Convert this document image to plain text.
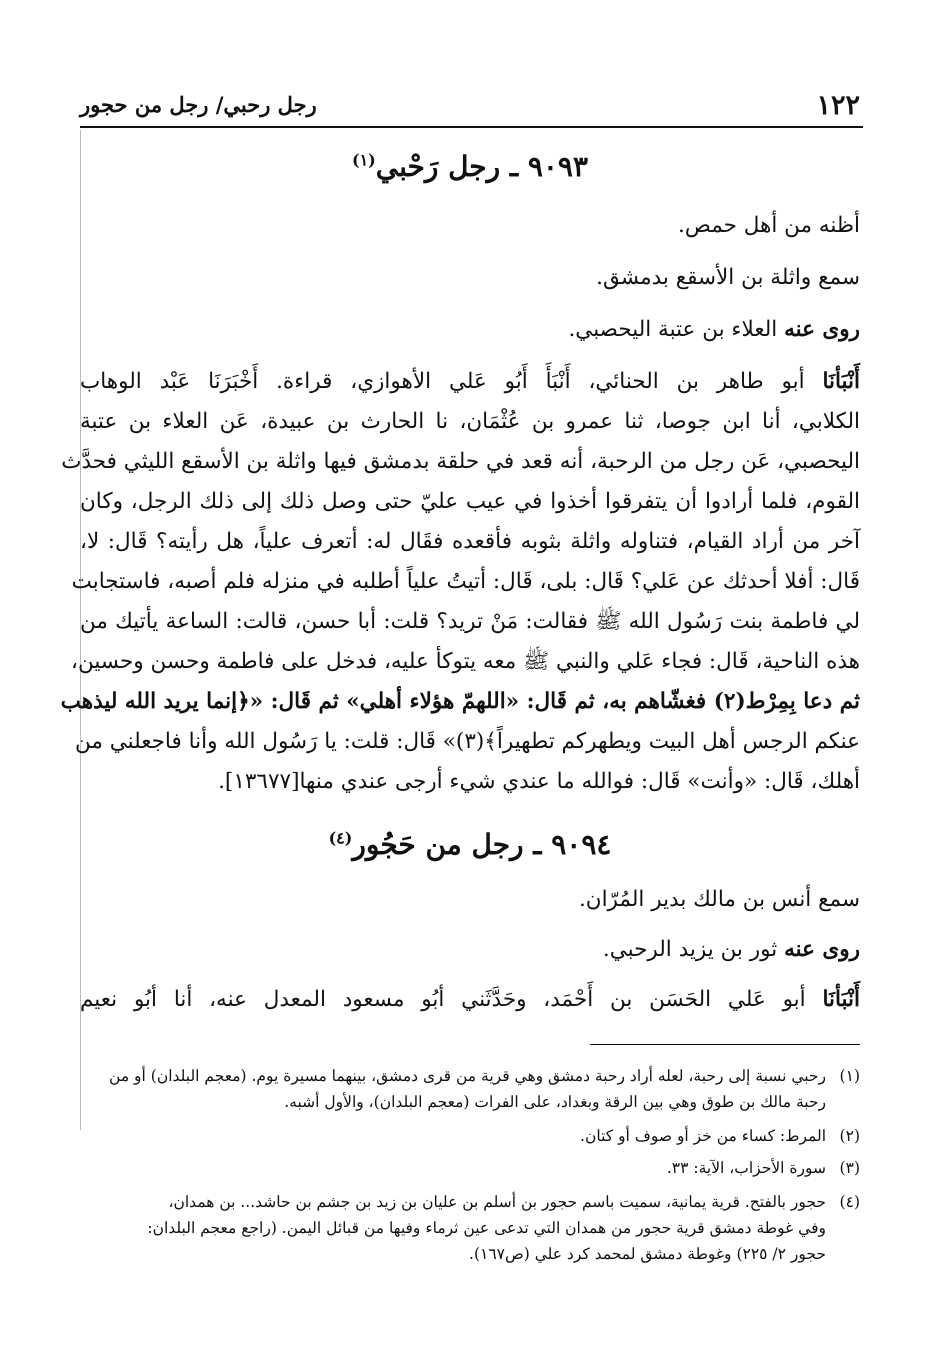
١٢٢
رجل رحبي/ رجل من حجور
٩٠٩٣ ـ رجل رَحْبي$^{(١)}$
أظنه من أهل حمص.
سمع واثلة بن الأسقع بدمشق.
روى عنه العلاء بن عتبة اليحصبي.
أَنْبَأنَا أبو طاهر بن الحنائي، أَنْبَأَ أَبُو عَلي الأهوازي، قراءة. أَخْبَرَنَا عَبْد الوهاب
الكلابي، أنا ابن جوصا، ثنا عمرو بن عُثْمَان، نا الحارث بن عبيدة، عَن العلاء بن عتبة
اليحصبي، عَن رجل من الرحبة، أنه قعد في حلقة بدمشق فيها واثلة بن الأسقع الليثي فحدَّث
القوم، فلما أرادوا أن يتفرقوا أخذوا في عيب عليّ حتى وصل ذلك إلى ذلك الرجل، وكان
آخر من أراد القيام، فتناوله واثلة بثوبه فأقعده فقَال له: أتعرف علياً، هل رأيته؟ قَال: لا،
قَال: أفلا أحدثك عن عَلي؟ قَال: بلى، قَال: أتيتُ علياً أطلبه في منزله فلم أصبه، فاستجابت
لي فاطمة بنت رَسُول الله ﷺ فقالت: مَنْ تريد؟ قلت: أبا حسن، قالت: الساعة يأتيك من
هذه الناحية، قَال: فجاء عَلي والنبي ﷺ معه يتوكأ عليه، فدخل على فاطمة وحسن وحسين،
ثم دعا بِمِرْط(٢) فغشّاهم به، ثم قَال: «اللهمّ هؤلاء أهلي» ثم قَال: «﴿إنما يريد الله ليذهب
عنكم الرجس أهل البيت ويطهركم تطهيراً﴾(٣)» قَال: قلت: يا رَسُول الله وأنا فاجعلني من
أهلك، قَال: «وأنت» قَال: فوالله ما عندي شيء أرجى عندي منها[١٣٦٧٧].
٩٠٩٤ ـ رجل من حَجُور$^{(٤)}$
سمع أنس بن مالك بدير المُرّان.
روى عنه ثور بن يزيد الرحبي.
أَنْبَأنَا أبو عَلي الحَسَن بن أَحْمَد، وحَدَّثَني أبُو مسعود المعدل عنه، أنا أبُو نعيم
(١)رحبي نسبة إلى رحبة، لعله أراد رحبة دمشق وهي قرية من قرى دمشق، بينهما مسيرة يوم. (معجم البلدان) أو من
رحبة مالك بن طوق وهي بين الرقة وبغداد، على الفرات (معجم البلدان)، والأول أشبه.
(٢)المرط: كساء من خز أو صوف أو كتان.
(٣)سورة الأحزاب، الآية: ٣٣.
(٤)حجور بالفتح. قرية يمانية، سميت باسم حجور بن أسلم بن عليان بن زيد بن جشم بن حاشد... بن همدان،
وفي غوطة دمشق قرية حجور من همدان التي تدعى عين ثرماء وفيها من قبائل اليمن. (راجع معجم البلدان:
حجور ٢/ ٢٢٥) وغوطة دمشق لمحمد كرد علي (ص١٦٧).
